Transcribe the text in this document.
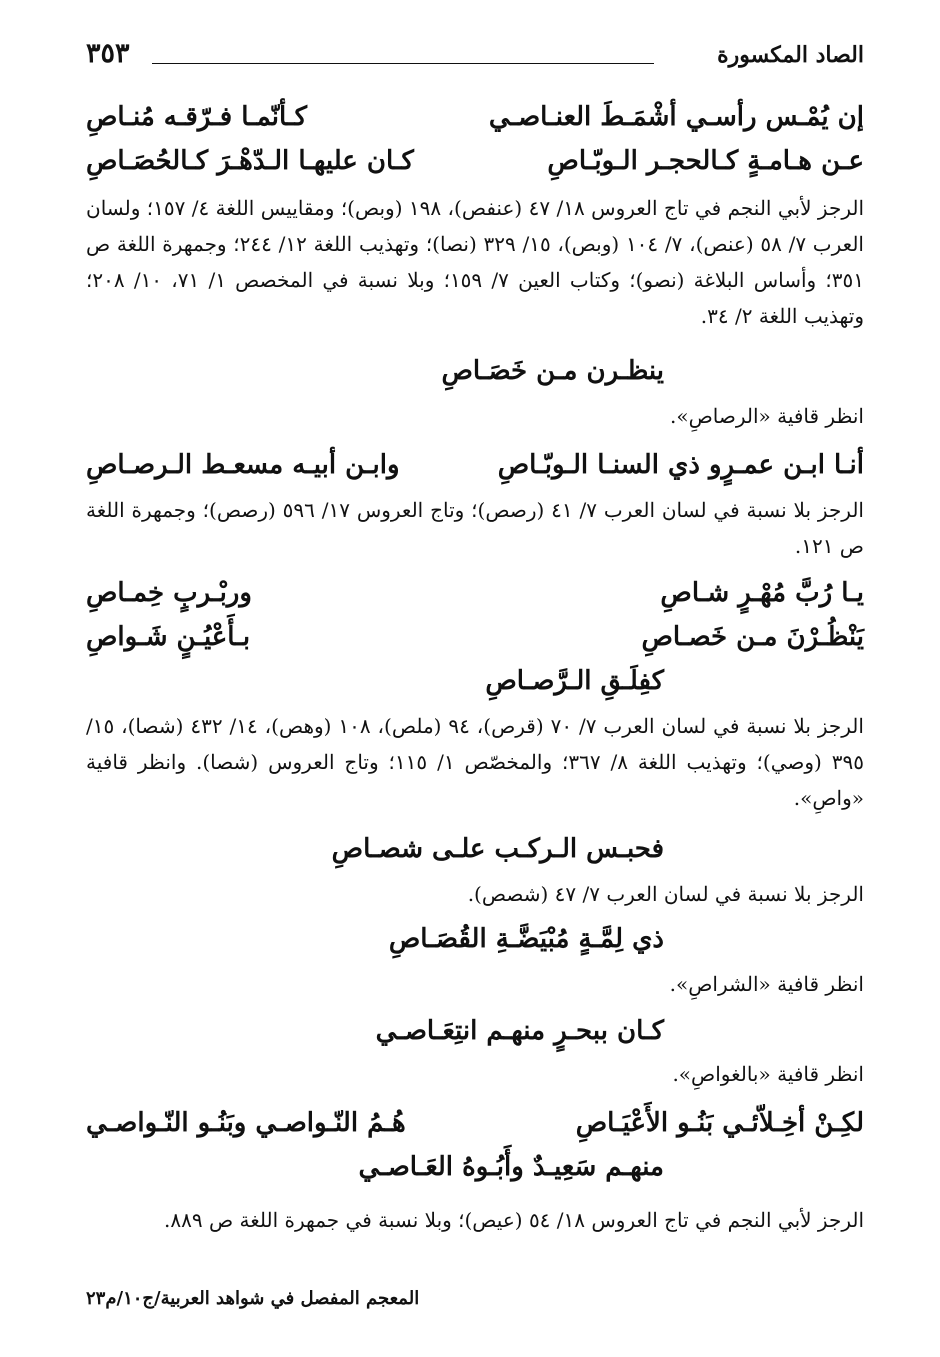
الصاد المكسورة
٣٥٣
إن يُمْـس رأسـي أشْمَـطَ العنـاصـي
كـأنّمـا فـرّقـه مُنـاصِ
عـن هـامـةٍ كـالحجـر الـوبّـاصِ
كـان عليهـا الـدّهْـرَ كـالحُصَـاصِ

الرجز لأبي النجم في تاج العروس ١٨/ ٤٧ (عنفص)، ١٩٨ (وبص)؛ ومقاييس اللغة ٤/ ١٥٧؛ ولسان العرب ٧/ ٥٨ (عنص)، ٧/ ١٠٤ (وبص)، ١٥/ ٣٢٩ (نصا)؛ وتهذيب اللغة ١٢/ ٢٤٤؛ وجمهرة اللغة ص ٣٥١؛ وأساس البلاغة (نصو)؛ وكتاب العين ٧/ ١٥٩؛ وبلا نسبة في المخصص ١/ ٧١، ١٠/ ٢٠٨؛ وتهذيب اللغة ٢/ ٣٤.

ينظـرن مـن خَصَـاصِ
انظر قافية «الرصاصِ».
أنـا ابـن عمـرٍو ذي السنـا الـوبّـاصِ
وابـن أبيـه مسعـط الـرصـاصِ

الرجز بلا نسبة في لسان العرب ٧/ ٤١ (رصص)؛ وتاج العروس ١٧/ ٥٩٦ (رصص)؛ وجمهرة اللغة ص ١٢١.

يـا رُبَّ مُهْـرٍ شـاصِ
وربْـربٍ خِمـاصِ
يَنْظُـرْنَ مـن خَصـاصِ
بـأَعْيُـنٍ شَـواصِ
كفِلَـقِ الـرَّصـاصِ

الرجز بلا نسبة في لسان العرب ٧/ ٧٠ (قرص)، ٩٤ (ملص)، ١٠٨ (وهص)، ١٤/ ٤٣٢ (شصا)، ١٥/ ٣٩٥ (وصي)؛ وتهذيب اللغة ٨/ ٣٦٧؛ والمخصّص ١/ ١١٥؛ وتاج العروس (شصا). وانظر قافية «واصِ».

فحبـس الـركـب علـى شصـاصِ

الرجز بلا نسبة في لسان العرب ٧/ ٤٧ (شصص).

ذي لِمَّـةٍ مُبْيَضَّـةِ القُصَـاصِ
انظر قافية «الشراصِ».
كـان ببحـرٍ منهـم انتِعَـاصـي
انظر قافية «بالغواصِ».
لكِـنْ أخِـلاّئـي بَنُـو الأَعْيَـاصِ
هُـمُ النّـواصـي وبَنُـو النّـواصـي
منهـم سَعِيـدٌ وأَبُـوهُ العَـاصـي

الرجز لأبي النجم في تاج العروس ١٨/ ٥٤ (عيص)؛ وبلا نسبة في جمهرة اللغة ص ٨٨٩.

المعجم المفصل في شواهد العربية/ج١٠/م٢٣
